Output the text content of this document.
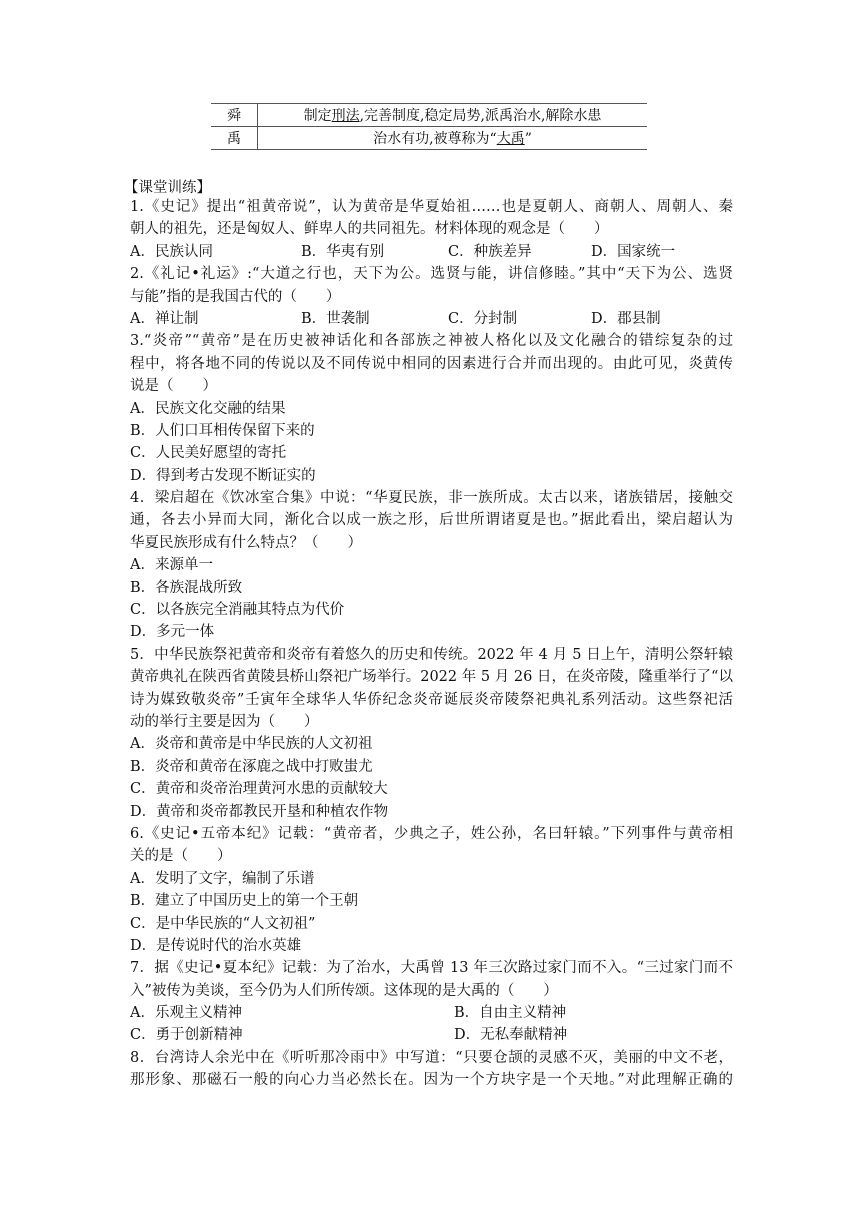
舜	制定刑法,完善制度,稳定局势,派禹治水,解除水患
禹	治水有功,被尊称为“大禹”
【课堂训练】
1.《史记》提出“祖黄帝说”，认为黄帝是华夏始祖……也是夏朝人、商朝人、周朝人、秦
朝人的祖先，还是匈奴人、鲜卑人的共同祖先。材料体现的观念是（　　）
A．民族认同	B．华夷有别	C．种族差异	D．国家统一
2.《礼记•礼运》:“大道之行也，天下为公。选贤与能，讲信修睦。”其中“天下为公、选贤
与能”指的是我国古代的（　　）
A．禅让制	B．世袭制	C．分封制	D．郡县制
3.“炎帝”“黄帝”是在历史被神话化和各部族之神被人格化以及文化融合的错综复杂的过
程中，将各地不同的传说以及不同传说中相同的因素进行合并而出现的。由此可见，炎黄传
说是（　　）
A．民族文化交融的结果
B．人们口耳相传保留下来的
C．人民美好愿望的寄托
D．得到考古发现不断证实的
4．梁启超在《饮冰室合集》中说：“华夏民族，非一族所成。太古以来，诸族错居，接触交
通，各去小异而大同，渐化合以成一族之形，后世所谓诸夏是也。”据此看出，梁启超认为
华夏民族形成有什么特点？（　　）
A．来源单一
B．各族混战所致
C．以各族完全消融其特点为代价
D．多元一体
5．中华民族祭祀黄帝和炎帝有着悠久的历史和传统。2022 年 4 月 5 日上午，清明公祭轩辕
黄帝典礼在陕西省黄陵县桥山祭祀广场举行。2022 年 5 月 26 日，在炎帝陵，隆重举行了“以
诗为媒致敬炎帝”壬寅年全球华人华侨纪念炎帝诞辰炎帝陵祭祀典礼系列活动。这些祭祀活
动的举行主要是因为（　　）
A．炎帝和黄帝是中华民族的人文初祖
B．炎帝和黄帝在涿鹿之战中打败蚩尤
C．黄帝和炎帝治理黄河水患的贡献较大
D．黄帝和炎帝都教民开垦和种植农作物
6.《史记•五帝本纪》记载：“黄帝者，少典之子，姓公孙，名曰轩辕。”下列事件与黄帝相
关的是（　　）
A．发明了文字，编制了乐谱
B．建立了中国历史上的第一个王朝
C．是中华民族的“人文初祖”
D．是传说时代的治水英雄
7．据《史记•夏本纪》记载：为了治水，大禹曾 13 年三次路过家门而不入。“三过家门而不
入”被传为美谈，至今仍为人们所传颂。这体现的是大禹的（　　）
A．乐观主义精神	B．自由主义精神
C．勇于创新精神	D．无私奉献精神
8．台湾诗人余光中在《听听那冷雨中》中写道：“只要仓颉的灵感不灭，美丽的中文不老，
那形象、那磁石一般的向心力当必然长在。因为一个方块字是一个天地。”对此理解正确的
